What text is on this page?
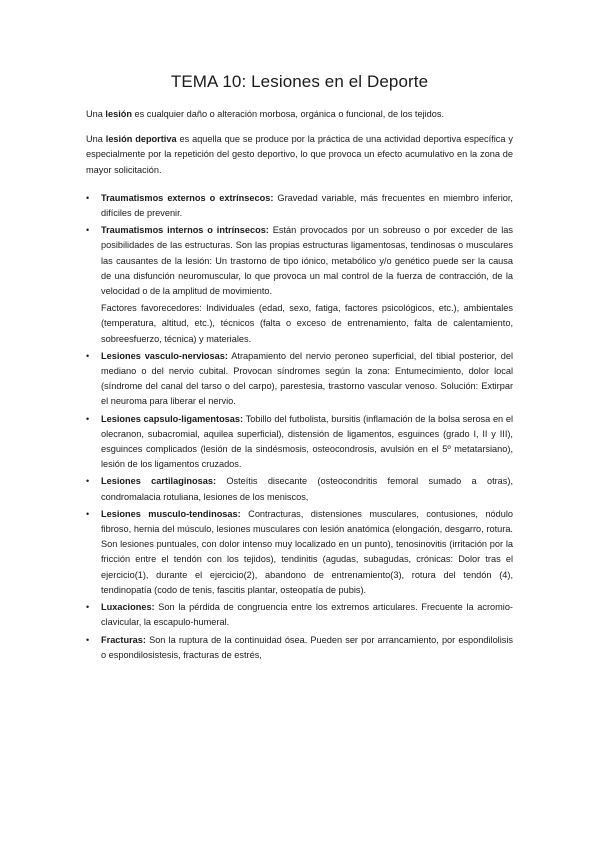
TEMA 10: Lesiones en el Deporte

Una lesión es cualquier daño o alteración morbosa, orgánica o funcional, de los tejidos.

Una lesión deportiva es aquella que se produce por la práctica de una actividad deportiva específica y especialmente por la repetición del gesto deportivo, lo que provoca un efecto acumulativo en la zona de mayor solicitación.

• Traumatismos externos o extrínsecos: Gravedad variable, más frecuentes en miembro inferior, difíciles de prevenir.
• Traumatismos internos o intrínsecos: Están provocados por un sobreuso o por exceder de las posibilidades de las estructuras. Son las propias estructuras ligamentosas, tendinosas o musculares las causantes de la lesión: Un trastorno de tipo iónico, metabólico y/o genético puede ser la causa de una disfunción neuromuscular, lo que provoca un mal control de la fuerza de contracción, de la velocidad o de la amplitud de movimiento.
Factores favorecedores: Individuales (edad, sexo, fatiga, factores psicológicos, etc.), ambientales (temperatura, altitud, etc.), técnicos (falta o exceso de entrenamiento, falta de calentamiento, sobreesfuerzo, técnica) y materiales.
• Lesiones vasculo-nerviosas: Atrapamiento del nervio peroneo superficial, del tibial posterior, del mediano o del nervio cubital. Provocan síndromes según la zona: Entumecimiento, dolor local (síndrome del canal del tarso o del carpo), parestesia, trastorno vascular venoso. Solución: Extirpar el neuroma para liberar el nervio.
• Lesiones capsulo-ligamentosas: Tobillo del futbolista, bursitis (inflamación de la bolsa serosa en el olecranon, subacromial, aquilea superficial), distensión de ligamentos, esguinces (grado I, II y III), esguinces complicados (lesión de la sindésmosis, osteocondrosis, avulsión en el 5º metatarsiano), lesión de los ligamentos cruzados.
• Lesiones cartilaginosas: Osteítis disecante (osteocondritis femoral sumado a otras), condromalacia rotuliana, lesiones de los meniscos,
• Lesiones musculo-tendinosas: Contracturas, distensiones musculares, contusiones, nódulo fibroso, hernia del músculo, lesiones musculares con lesión anatómica (elongación, desgarro, rotura. Son lesiones puntuales, con dolor intenso muy localizado en un punto), tenosinovitis (irritación por la fricción entre el tendón con los tejidos), tendinitis (agudas, subagudas, crónicas: Dolor tras el ejercicio(1), durante el ejercicio(2), abandono de entrenamiento(3), rotura del tendón (4), tendinopatía (codo de tenis, fascitis plantar, osteopatía de pubis).
• Luxaciones: Son la pérdida de congruencia entre los extremos articulares. Frecuente la acromio-clavicular, la escapulo-humeral.
• Fracturas: Son la ruptura de la continuidad ósea. Pueden ser por arrancamiento, por espondilolisis o espondilosistesis, fracturas de estrés,
